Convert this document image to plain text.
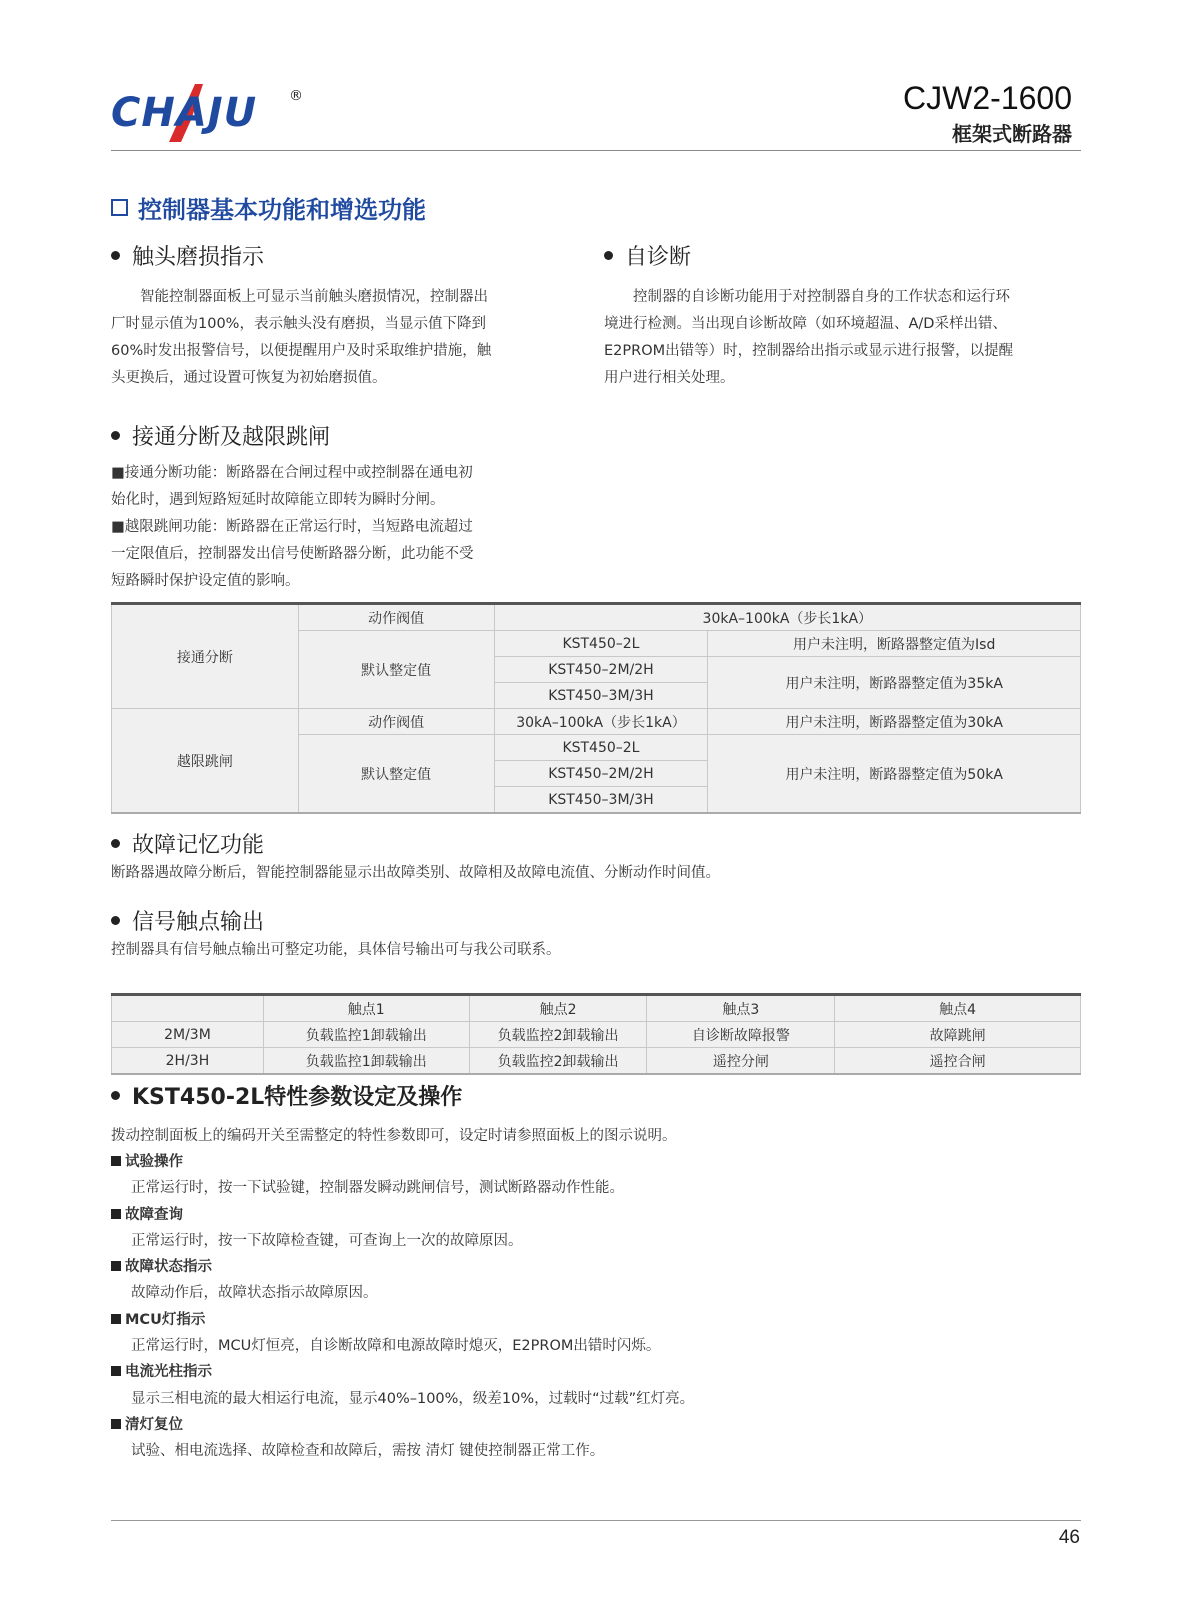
CHAJU ®	CJW2-1600
框架式断路器
控制器基本功能和增选功能
触头磨损指示

　　智能控制器面板上可显示当前触头磨损情况，控制器出

厂时显示值为100%，表示触头没有磨损，当显示值下降到

60%时发出报警信号，以便提醒用户及时采取维护措施，触

头更换后，通过设置可恢复为初始磨损值。

自诊断

　　控制器的自诊断功能用于对控制器自身的工作状态和运行环

境进行检测。当出现自诊断故障（如环境超温、A/D采样出错、

E2PROM出错等）时，控制器给出指示或显示进行报警，以提醒

用户进行相关处理。

接通分断及越限跳闸

■接通分断功能：断路器在合闸过程中或控制器在通电初

始化时，遇到短路短延时故障能立即转为瞬时分闸。

■越限跳闸功能：断路器在正常运行时，当短路电流超过

一定限值后，控制器发出信号使断路器分断，此功能不受

短路瞬时保护设定值的影响。

接通分断	动作阀值	30kA–100kA（步长1kA）	
	默认整定值	KST450–2L	用户未注明，断路器整定值为Isd
		KST450–2M/2H	用户未注明，断路器整定值为35kA
		KST450–3M/3H	
越限跳闸	动作阀值	30kA–100kA（步长1kA）	用户未注明，断路器整定值为30kA
	默认整定值	KST450–2L	用户未注明，断路器整定值为50kA
		KST450–2M/2H	
		KST450–3M/3H	
故障记忆功能
断路器遇故障分断后，智能控制器能显示出故障类别、故障相及故障电流值、分断动作时间值。
信号触点输出
控制器具有信号触点输出可整定功能，具体信号输出可与我公司联系。
	触点1	触点2	触点3	触点4
2M/3M	负载监控1卸载输出	负载监控2卸载输出	自诊断故障报警	故障跳闸
2H/3H	负载监控1卸载输出	负载监控2卸载输出	遥控分闸	遥控合闸
KST450-2L特性参数设定及操作
拨动控制面板上的编码开关至需整定的特性参数即可，设定时请参照面板上的图示说明。
试验操作
正常运行时，按一下试验键，控制器发瞬动跳闸信号，测试断路器动作性能。
故障查询
正常运行时，按一下故障检查键，可查询上一次的故障原因。
故障状态指示
故障动作后，故障状态指示故障原因。
MCU灯指示
正常运行时，MCU灯恒亮，自诊断故障和电源故障时熄灭，E2PROM出错时闪烁。
电流光柱指示
显示三相电流的最大相运行电流，显示40%–100%，级差10%，过载时“过载”红灯亮。
清灯复位
试验、相电流选择、故障检查和故障后，需按 清灯 键使控制器正常工作。
46
